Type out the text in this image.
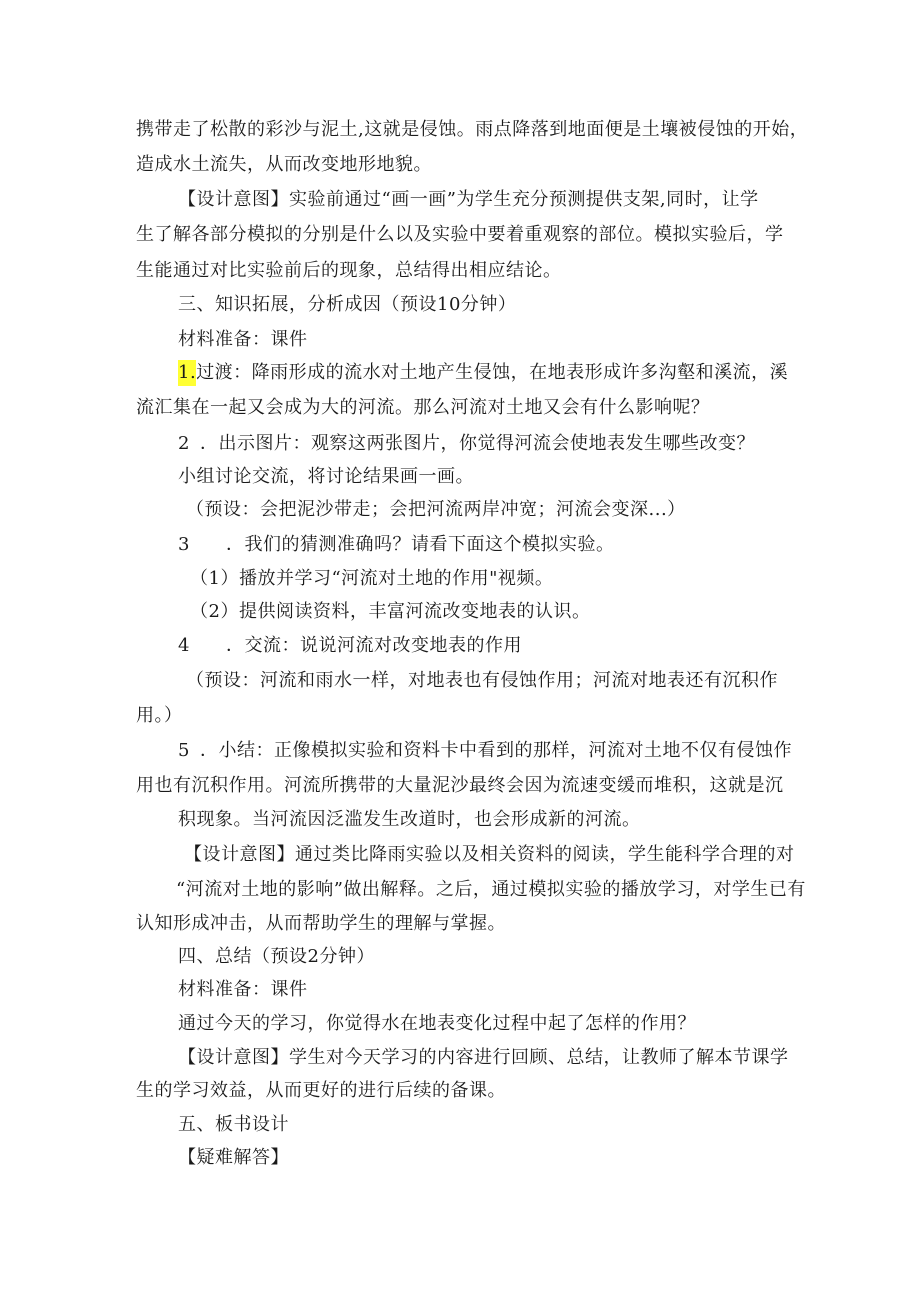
携带走了松散的彩沙与泥土,这就是侵蚀。雨点降落到地面便是土壤被侵蚀的开始，
造成水土流失，从而改变地形地貌。
【设计意图】实验前通过“画一画”为学生充分预测提供支架,同时，让学
生了解各部分模拟的分别是什么以及实验中要着重观察的部位。模拟实验后，学
生能通过对比实验前后的现象，总结得出相应结论。
三、知识拓展，分析成因（预设10分钟）
材料准备：课件
1.过渡：降雨形成的流水对土地产生侵蚀，在地表形成许多沟壑和溪流，溪
流汇集在一起又会成为大的河流。那么河流对土地又会有什么影响呢？
2 ．出示图片：观察这两张图片，你觉得河流会使地表发生哪些改变？
小组讨论交流，将讨论结果画一画。
（预设：会把泥沙带走；会把河流两岸冲宽；河流会变深...）
3 ．我们的猜测准确吗？请看下面这个模拟实验。
（1）播放并学习“河流对土地的作用"视频。
（2）提供阅读资料，丰富河流改变地表的认识。
4 ．交流：说说河流对改变地表的作用
（预设：河流和雨水一样，对地表也有侵蚀作用；河流对地表还有沉积作
用。）
5 ．小结：正像模拟实验和资料卡中看到的那样，河流对土地不仅有侵蚀作
用也有沉积作用。河流所携带的大量泥沙最终会因为流速变缓而堆积，这就是沉
积现象。当河流因泛滥发生改道时，也会形成新的河流。
【设计意图】通过类比降雨实验以及相关资料的阅读，学生能科学合理的对
“河流对土地的影响”做出解释。之后，通过模拟实验的播放学习，对学生已有
认知形成冲击，从而帮助学生的理解与掌握。
四、总结（预设2分钟）
材料准备：课件
通过今天的学习，你觉得水在地表变化过程中起了怎样的作用？
【设计意图】学生对今天学习的内容进行回顾、总结，让教师了解本节课学
生的学习效益，从而更好的进行后续的备课。
五、板书设计
【疑难解答】
